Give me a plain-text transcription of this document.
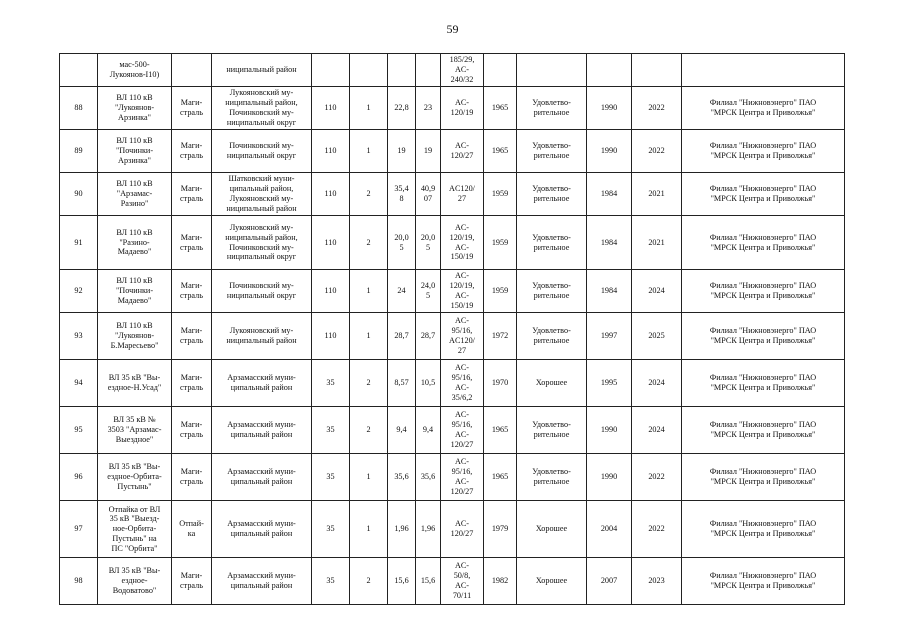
59
	мас-500-
Лукоянов-I10)		ниципальный район					185/29,
AC-
240/32					
88	ВЛ 110 кВ
"Лукоянов-
Арзинка"	Маги-
страль	Лукояновский му-
ниципальный район,
Починковский му-
ниципальный округ	110	1	22,8	23	AC-
120/19	1965	Удовлетво-
рительное	1990	2022	Филиал "Нижновэнерго" ПАО
"МРСК Центра и Приволжья"
89	ВЛ 110 кВ
"Починки-
Арзинка"	Маги-
страль	Починковский му-
ниципальный округ	110	1	19	19	AC-
120/27	1965	Удовлетво-
рительное	1990	2022	Филиал "Нижновэнерго" ПАО
"МРСК Центра и Приволжья"
90	ВЛ 110 кВ
"Арзамас-
Разино"	Маги-
страль	Шатковский муни-
ципальный район,
Лукояновский му-
ниципальный район	110	2	35,4
8	40,9
07	AC120/
27	1959	Удовлетво-
рительное	1984	2021	Филиал "Нижновэнерго" ПАО
"МРСК Центра и Приволжья"
91	ВЛ 110 кВ
"Разино-
Мадаево"	Маги-
страль	Лукояновский му-
ниципальный район,
Починковский му-
ниципальный округ	110	2	20,0
5	20,0
5	AC-
120/19,
AC-
150/19	1959	Удовлетво-
рительное	1984	2021	Филиал "Нижновэнерго" ПАО
"МРСК Центра и Приволжья"
92	ВЛ 110 кВ
"Починки-
Мадаево"	Маги-
страль	Починковский му-
ниципальный округ	110	1	24	24,0
5	AC-
120/19,
AC-
150/19	1959	Удовлетво-
рительное	1984	2024	Филиал "Нижновэнерго" ПАО
"МРСК Центра и Приволжья"
93	ВЛ 110 кВ
"Лукоянов-
Б.Маресьево"	Маги-
страль	Лукояновский му-
ниципальный район	110	1	28,7	28,7	AC-
95/16,
AC120/
27	1972	Удовлетво-
рительное	1997	2025	Филиал "Нижновэнерго" ПАО
"МРСК Центра и Приволжья"
94	ВЛ 35 кВ "Вы-
ездное-Н.Усад"	Маги-
страль	Арзамасский муни-
ципальный район	35	2	8,57	10,5	AC-
95/16,
AC-
35/6,2	1970	Хорошее	1995	2024	Филиал "Нижновэнерго" ПАО
"МРСК Центра и Приволжья"
95	ВЛ 35 кВ №
3503 "Арзамас-
Выездное"	Маги-
страль	Арзамасский муни-
ципальный район	35	2	9,4	9,4	AC-
95/16,
AC-
120/27	1965	Удовлетво-
рительное	1990	2024	Филиал "Нижновэнерго" ПАО
"МРСК Центра и Приволжья"
96	ВЛ 35 кВ "Вы-
ездное-Орбита-
Пустынь"	Маги-
страль	Арзамасский муни-
ципальный район	35	1	35,6	35,6	AC-
95/16,
AC-
120/27	1965	Удовлетво-
рительное	1990	2022	Филиал "Нижновэнерго" ПАО
"МРСК Центра и Приволжья"
97	Отпайка от ВЛ
35 кВ "Выезд-
ное-Орбита-
Пустынь" на
ПС "Орбита"	Отпай-
ка	Арзамасский муни-
ципальный район	35	1	1,96	1,96	AC-
120/27	1979	Хорошее	2004	2022	Филиал "Нижновэнерго" ПАО
"МРСК Центра и Приволжья"
98	ВЛ 35 кВ "Вы-
ездное-
Водоватово"	Маги-
страль	Арзамасский муни-
ципальный район	35	2	15,6	15,6	AC-
50/8,
AC-
70/11	1982	Хорошее	2007	2023	Филиал "Нижновэнерго" ПАО
"МРСК Центра и Приволжья"
